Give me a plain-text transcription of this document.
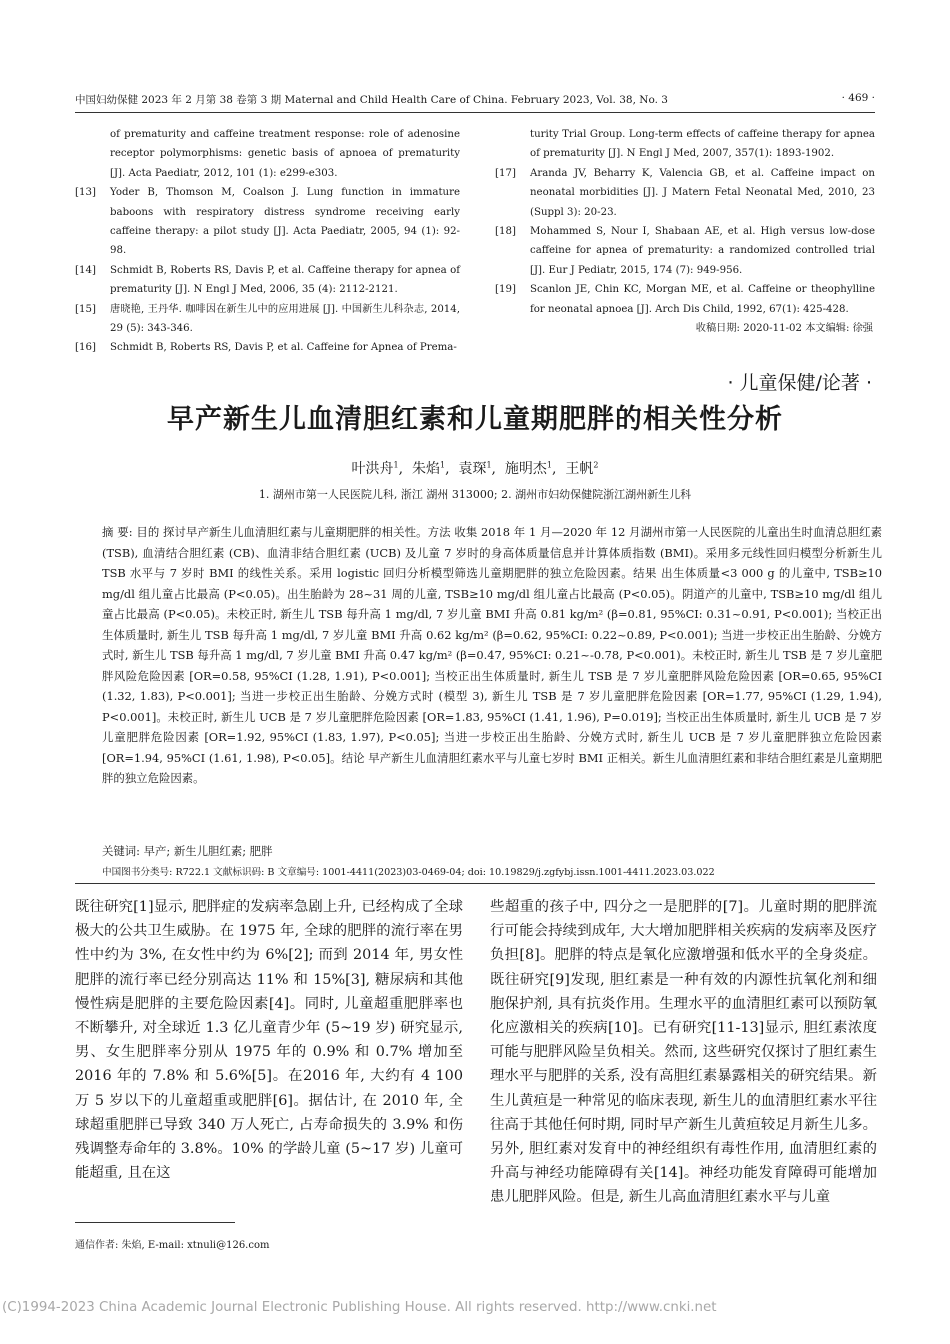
中国妇幼保健 2023 年 2 月第 38 卷第 3 期 Maternal and Child Health Care of China. February 2023, Vol. 38, No. 3	· 469 ·
of prematurity and caffeine treatment response: role of adenosine receptor polymorphisms: genetic basis of apnoea of prematurity [J]. Acta Paediatr, 2012, 101 (1): e299-e303.
[13] Yoder B, Thomson M, Coalson J. Lung function in immature baboons with respiratory distress syndrome receiving early caffeine therapy: a pilot study [J]. Acta Paediatr, 2005, 94 (1): 92-98.
[14] Schmidt B, Roberts RS, Davis P, et al. Caffeine therapy for apnea of prematurity [J]. N Engl J Med, 2006, 35 (4): 2112-2121.
[15] 唐晓艳, 王丹华. 咖啡因在新生儿中的应用进展 [J]. 中国新生儿科杂志, 2014, 29 (5): 343-346.
[16] Schmidt B, Roberts RS, Davis P, et al. Caffeine for Apnea of Prema-
turity Trial Group. Long-term effects of caffeine therapy for apnea of prematurity [J]. N Engl J Med, 2007, 357(1): 1893-1902.
[17] Aranda JV, Beharry K, Valencia GB, et al. Caffeine impact on neonatal morbidities [J]. J Matern Fetal Neonatal Med, 2010, 23 (Suppl 3): 20-23.
[18] Mohammed S, Nour I, Shabaan AE, et al. High versus low-dose caffeine for apnea of prematurity: a randomized controlled trial [J]. Eur J Pediatr, 2015, 174 (7): 949-956.
[19] Scanlon JE, Chin KC, Morgan ME, et al. Caffeine or theophylline for neonatal apnoea [J]. Arch Dis Child, 1992, 67(1): 425-428.
收稿日期: 2020-11-02 本文编辑: 徐强
· 儿童保健/论著 ·
早产新生儿血清胆红素和儿童期肥胖的相关性分析
叶洪舟$^1$,  朱焰$^1$,  袁琛$^1$,  施明杰$^1$,  王帆$^2$
1. 湖州市第一人民医院儿科, 浙江 湖州 313000; 2. 湖州市妇幼保健院浙江湖州新生儿科
摘 要: 目的 探讨早产新生儿血清胆红素与儿童期肥胖的相关性。方法 收集 2018 年 1 月—2020 年 12 月湖州市第一人民医院的儿童出生时血清总胆红素 (TSB), 血清结合胆红素 (CB)、血清非结合胆红素 (UCB) 及儿童 7 岁时的身高体质量信息并计算体质指数 (BMI)。采用多元线性回归模型分析新生儿 TSB 水平与 7 岁时 BMI 的线性关系。采用 logistic 回归分析模型筛选儿童期肥胖的独立危险因素。结果 出生体质量<3 000 g 的儿童中, TSB≥10 mg/dl 组儿童占比最高 (P<0.05)。出生胎龄为 28~31 周的儿童, TSB≥10 mg/dl 组儿童占比最高 (P<0.05)。阴道产的儿童中, TSB≥10 mg/dl 组儿童占比最高 (P<0.05)。未校正时, 新生儿 TSB 每升高 1 mg/dl, 7 岁儿童 BMI 升高 0.81 kg/m² (β=0.81, 95%CI: 0.31~0.91, P<0.001); 当校正出生体质量时, 新生儿 TSB 每升高 1 mg/dl, 7 岁儿童 BMI 升高 0.62 kg/m² (β=0.62, 95%CI: 0.22~0.89, P<0.001); 当进一步校正出生胎龄、分娩方式时, 新生儿 TSB 每升高 1 mg/dl, 7 岁儿童 BMI 升高 0.47 kg/m² (β=0.47, 95%CI: 0.21~-0.78, P<0.001)。未校正时, 新生儿 TSB 是 7 岁儿童肥胖风险危险因素 [OR=0.58, 95%CI (1.28, 1.91), P<0.001]; 当校正出生体质量时, 新生儿 TSB 是 7 岁儿童肥胖风险危险因素 [OR=0.65, 95%CI (1.32, 1.83), P<0.001]; 当进一步校正出生胎龄、分娩方式时 (模型 3), 新生儿 TSB 是 7 岁儿童肥胖危险因素 [OR=1.77, 95%CI (1.29, 1.94), P<0.001]。未校正时, 新生儿 UCB 是 7 岁儿童肥胖危险因素 [OR=1.83, 95%CI (1.41, 1.96), P=0.019]; 当校正出生体质量时, 新生儿 UCB 是 7 岁儿童肥胖危险因素 [OR=1.92, 95%CI (1.83, 1.97), P<0.05]; 当进一步校正出生胎龄、分娩方式时, 新生儿 UCB 是 7 岁儿童肥胖独立危险因素 [OR=1.94, 95%CI (1.61, 1.98), P<0.05]。结论 早产新生儿血清胆红素水平与儿童七岁时 BMI 正相关。新生儿血清胆红素和非结合胆红素是儿童期肥胖的独立危险因素。
关键词: 早产; 新生儿胆红素; 肥胖
中国图书分类号: R722.1 文献标识码: B 文章编号: 1001-4411(2023)03-0469-04; doi: 10.19829/j.zgfybj.issn.1001-4411.2023.03.022
既往研究[1]显示, 肥胖症的发病率急剧上升, 已经构成了全球极大的公共卫生威胁。在 1975 年, 全球的肥胖的流行率在男性中约为 3%, 在女性中约为 6%[2]; 而到 2014 年, 男女性肥胖的流行率已经分别高达 11% 和 15%[3], 糖尿病和其他慢性病是肥胖的主要危险因素[4]。同时, 儿童超重肥胖率也不断攀升, 对全球近 1.3 亿儿童青少年 (5~19 岁) 研究显示, 男、女生肥胖率分别从 1975 年的 0.9% 和 0.7% 增加至 2016 年的 7.8% 和 5.6%[5]。在2016 年, 大约有 4 100 万 5 岁以下的儿童超重或肥胖[6]。据估计, 在 2010 年, 全球超重肥胖已导致 340 万人死亡, 占寿命损失的 3.9% 和伤残调整寿命年的 3.8%。10% 的学龄儿童 (5~17 岁) 儿童可能超重, 且在这
些超重的孩子中, 四分之一是肥胖的[7]。儿童时期的肥胖流行可能会持续到成年, 大大增加肥胖相关疾病的发病率及医疗负担[8]。肥胖的特点是氧化应激增强和低水平的全身炎症。既往研究[9]发现, 胆红素是一种有效的内源性抗氧化剂和细胞保护剂, 具有抗炎作用。生理水平的血清胆红素可以预防氧化应激相关的疾病[10]。已有研究[11-13]显示, 胆红素浓度可能与肥胖风险呈负相关。然而, 这些研究仅探讨了胆红素生理水平与肥胖的关系, 没有高胆红素暴露相关的研究结果。新生儿黄疸是一种常见的临床表现, 新生儿的血清胆红素水平往往高于其他任何时期, 同时早产新生儿黄疸较足月新生儿多。另外, 胆红素对发育中的神经组织有毒性作用, 血清胆红素的升高与神经功能障碍有关[14]。神经功能发育障碍可能增加患儿肥胖风险。但是, 新生儿高血清胆红素水平与儿童
通信作者: 朱焰, E-mail: xtnuli@126.com
(C)1994-2023 China Academic Journal Electronic Publishing House. All rights reserved. http://www.cnki.net
